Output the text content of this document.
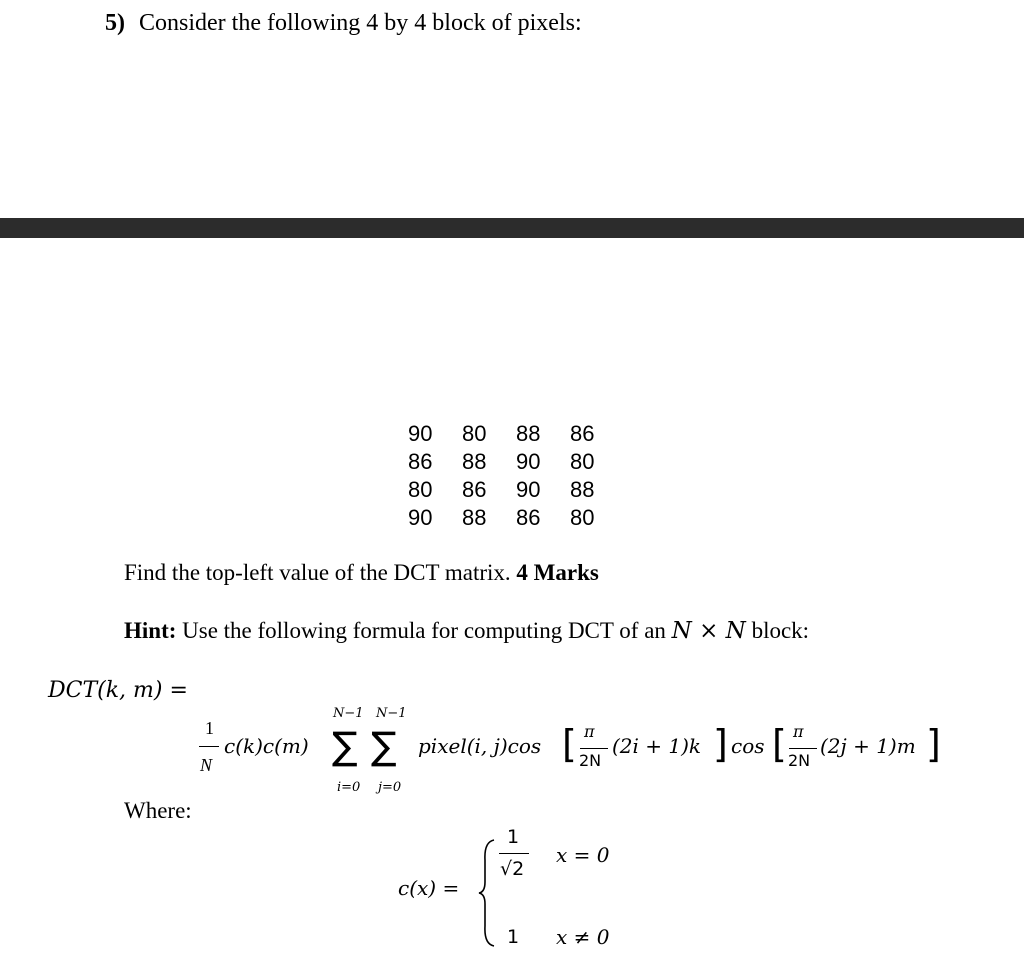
5) Consider the following 4 by 4 block of pixels:
90 80 88 86
86 88 90 80
80 86 90 88
90 88 86 80
Find the top-left value of the DCT matrix. 4 Marks
Hint: Use the following formula for computing DCT of an N × N block:
DCT(k, m) =
1
N
N−1 N−1
i=0 j=0
c(k)c(m) ∑ ∑ pixel(i, j)cos [ π
2N
(2i + 1)k ] cos [ π
2N
(2j + 1)m ]
Where:
c(x) =
1
√2
x = 0
1 x ≠ 0
